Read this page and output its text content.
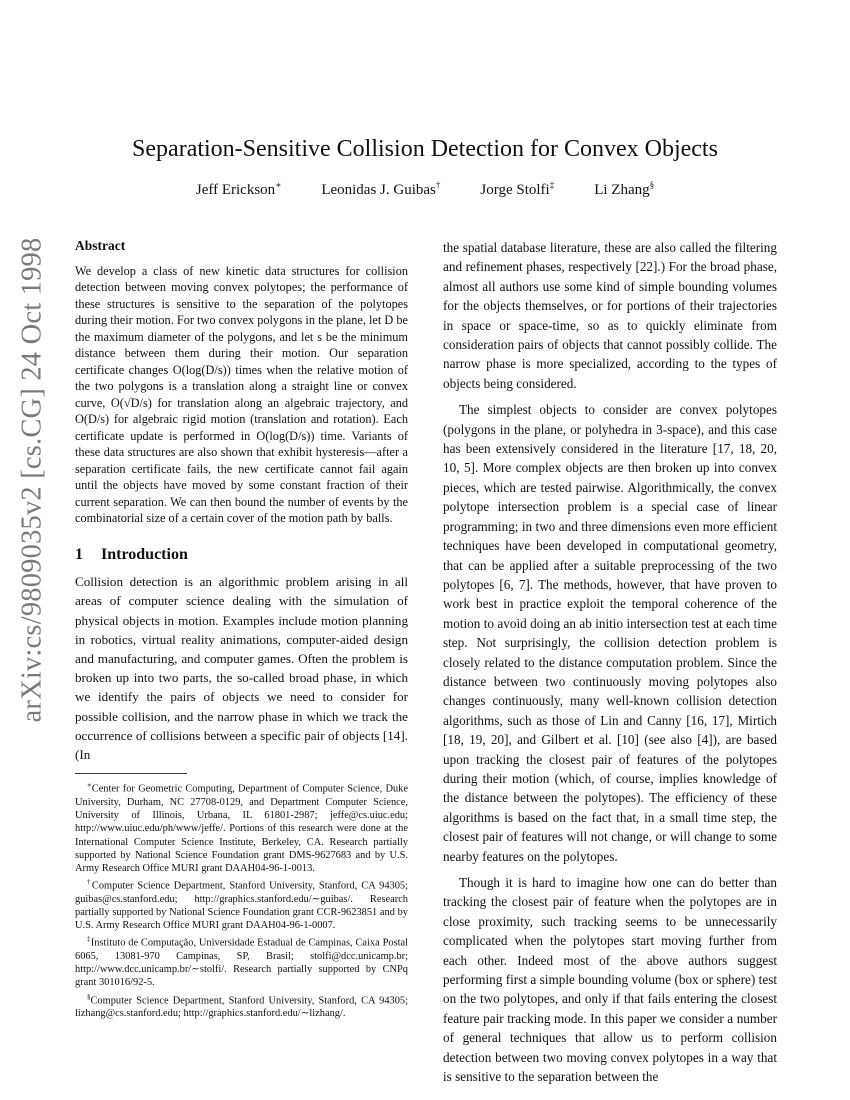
arXiv:cs/9809035v2 [cs.CG] 24 Oct 1998
Separation-Sensitive Collision Detection for Convex Objects
Jeff Erickson∗	Leonidas J. Guibas†	Jorge Stolfi‡	Li Zhang§
Abstract

We develop a class of new kinetic data structures for collision detection between moving convex polytopes; the performance of these structures is sensitive to the separation of the polytopes during their motion. For two convex polygons in the plane, let D be the maximum diameter of the polygons, and let s be the minimum distance between them during their motion. Our separation certificate changes O(log(D/s)) times when the relative motion of the two polygons is a translation along a straight line or convex curve, O(√D/s) for translation along an algebraic trajectory, and O(D/s) for algebraic rigid motion (translation and rotation). Each certificate update is performed in O(log(D/s)) time. Variants of these data structures are also shown that exhibit hysteresis—after a separation certificate fails, the new certificate cannot fail again until the objects have moved by some constant fraction of their current separation. We can then bound the number of events by the combinatorial size of a certain cover of the motion path by balls.

1 Introduction

Collision detection is an algorithmic problem arising in all areas of computer science dealing with the simulation of physical objects in motion. Examples include motion planning in robotics, virtual reality animations, computer-aided design and manufacturing, and computer games. Often the problem is broken up into two parts, the so-called broad phase, in which we identify the pairs of objects we need to consider for possible collision, and the narrow phase in which we track the occurrence of collisions between a specific pair of objects [14]. (In

∗Center for Geometric Computing, Department of Computer Science, Duke University, Durham, NC 27708-0129, and Department Computer Science, University of Illinois, Urbana, IL 61801-2987; jeffe@cs.uiuc.edu; http://www.uiuc.edu/ph/www/jeffe/. Portions of this research were done at the International Computer Science Institute, Berkeley, CA. Research partially supported by National Science Foundation grant DMS-9627683 and by U.S. Army Research Office MURI grant DAAH04-96-1-0013.

†Computer Science Department, Stanford University, Stanford, CA 94305; guibas@cs.stanford.edu; http://graphics.stanford.edu/∼guibas/. Research partially supported by National Science Foundation grant CCR-9623851 and by U.S. Army Research Office MURI grant DAAH04-96-1-0007.

‡Instituto de Computação, Universidade Estadual de Campinas, Caixa Postal 6065, 13081-970 Campinas, SP, Brasil; stolfi@dcc.unicamp.br; http://www.dcc.unicamp.br/∼stolfi/. Research partially supported by CNPq grant 301016/92-5.

§Computer Science Department, Stanford University, Stanford, CA 94305; lizhang@cs.stanford.edu; http://graphics.stanford.edu/∼lizhang/.

the spatial database literature, these are also called the filtering and refinement phases, respectively [22].) For the broad phase, almost all authors use some kind of simple bounding volumes for the objects themselves, or for portions of their trajectories in space or space-time, so as to quickly eliminate from consideration pairs of objects that cannot possibly collide. The narrow phase is more specialized, according to the types of objects being considered.

The simplest objects to consider are convex polytopes (polygons in the plane, or polyhedra in 3-space), and this case has been extensively considered in the literature [17, 18, 20, 10, 5]. More complex objects are then broken up into convex pieces, which are tested pairwise. Algorithmically, the convex polytope intersection problem is a special case of linear programming; in two and three dimensions even more efficient techniques have been developed in computational geometry, that can be applied after a suitable preprocessing of the two polytopes [6, 7]. The methods, however, that have proven to work best in practice exploit the temporal coherence of the motion to avoid doing an ab initio intersection test at each time step. Not surprisingly, the collision detection problem is closely related to the distance computation problem. Since the distance between two continuously moving polytopes also changes continuously, many well-known collision detection algorithms, such as those of Lin and Canny [16, 17], Mirtich [18, 19, 20], and Gilbert et al. [10] (see also [4]), are based upon tracking the closest pair of features of the polytopes during their motion (which, of course, implies knowledge of the distance between the polytopes). The efficiency of these algorithms is based on the fact that, in a small time step, the closest pair of features will not change, or will change to some nearby features on the polytopes.

Though it is hard to imagine how one can do better than tracking the closest pair of feature when the polytopes are in close proximity, such tracking seems to be unnecessarily complicated when the polytopes start moving further from each other. Indeed most of the above authors suggest performing first a simple bounding volume (box or sphere) test on the two polytopes, and only if that fails entering the closest feature pair tracking mode. In this paper we consider a number of general techniques that allow us to perform collision detection between two moving convex polytopes in a way that is sensitive to the separation between the
